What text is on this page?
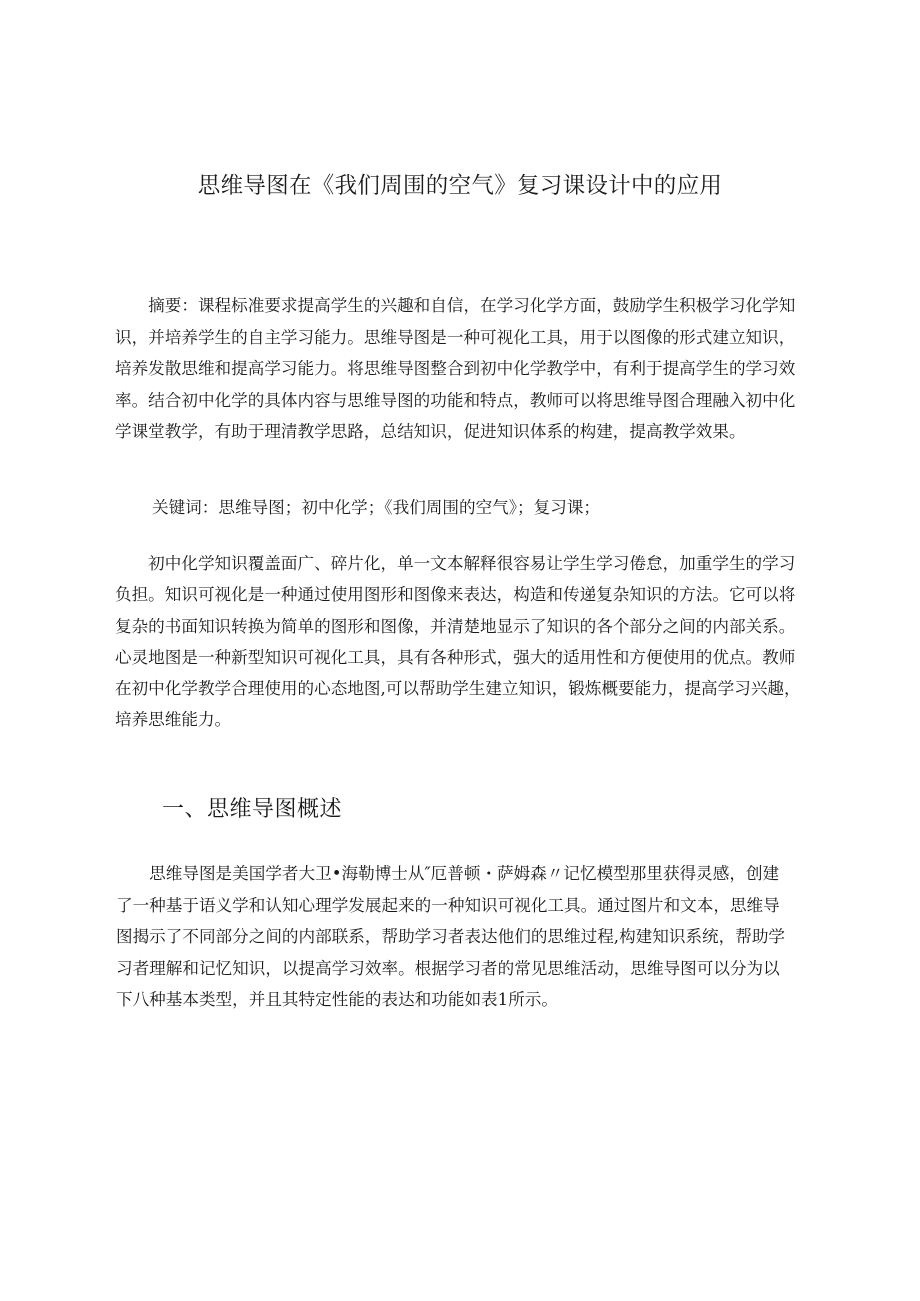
思维导图在《我们周围的空气》复习课设计中的应用
　　摘要：课程标准要求提高学生的兴趣和自信，在学习化学方面，鼓励学生积极学习化学知
识，并培养学生的自主学习能力。思维导图是一种可视化工具，用于以图像的形式建立知识，
培养发散思维和提高学习能力。将思维导图整合到初中化学教学中，有利于提高学生的学习效
率。结合初中化学的具体内容与思维导图的功能和特点，教师可以将思维导图合理融入初中化
学课堂教学，有助于理清教学思路，总结知识，促进知识体系的构建，提高教学效果。
关键词：思维导图；初中化学；《我们周围的空气》；复习课；
　　初中化学知识覆盖面广、碎片化，单一文本解释很容易让学生学习倦怠，加重学生的学习
负担。知识可视化是一种通过使用图形和图像来表达，构造和传递复杂知识的方法。它可以将
复杂的书面知识转换为简单的图形和图像，并清楚地显示了知识的各个部分之间的内部关系。
心灵地图是一种新型知识可视化工具，具有各种形式，强大的适用性和方便使用的优点。教师
在初中化学教学合理使用的心态地图,可以帮助学生建立知识，锻炼概要能力，提高学习兴趣，
培养思维能力。
一、思维导图概述
　　思维导图是美国学者大卫•海勒博士从″厄普顿・萨姆森〃记忆模型那里获得灵感，创建
了一种基于语义学和认知心理学发展起来的一种知识可视化工具。通过图片和文本，思维导
图揭示了不同部分之间的内部联系，帮助学习者表达他们的思维过程,构建知识系统，帮助学
习者理解和记忆知识，以提高学习效率。根据学习者的常见思维活动，思维导图可以分为以
下八种基本类型，并且其特定性能的表达和功能如表1所示。
